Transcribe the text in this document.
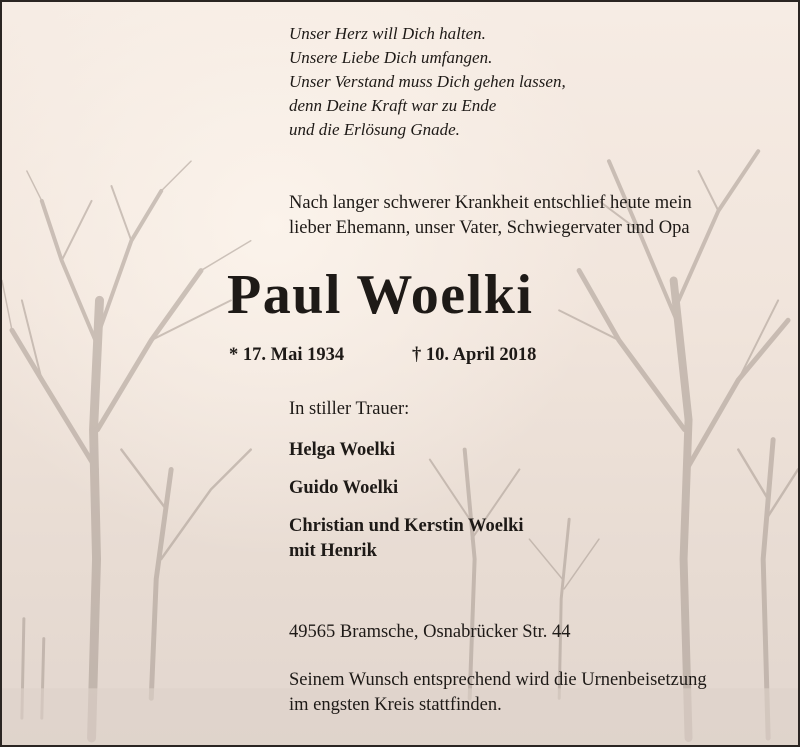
Unser Herz will Dich halten.
Unsere Liebe Dich umfangen.
Unser Verstand muss Dich gehen lassen,
denn Deine Kraft war zu Ende
und die Erlösung Gnade.

Nach langer schwerer Krankheit entschlief heute mein
lieber Ehemann, unser Vater, Schwiegervater und Opa

Paul Woelki
* 17. Mai 1934	† 10. April 2018
In stiller Trauer:
Helga Woelki
Guido Woelki
Christian und Kerstin Woelki
mit Henrik
49565 Bramsche, Osnabrücker Str. 44

Seinem Wunsch entsprechend wird die Urnenbeisetzung
im engsten Kreis stattfinden.
